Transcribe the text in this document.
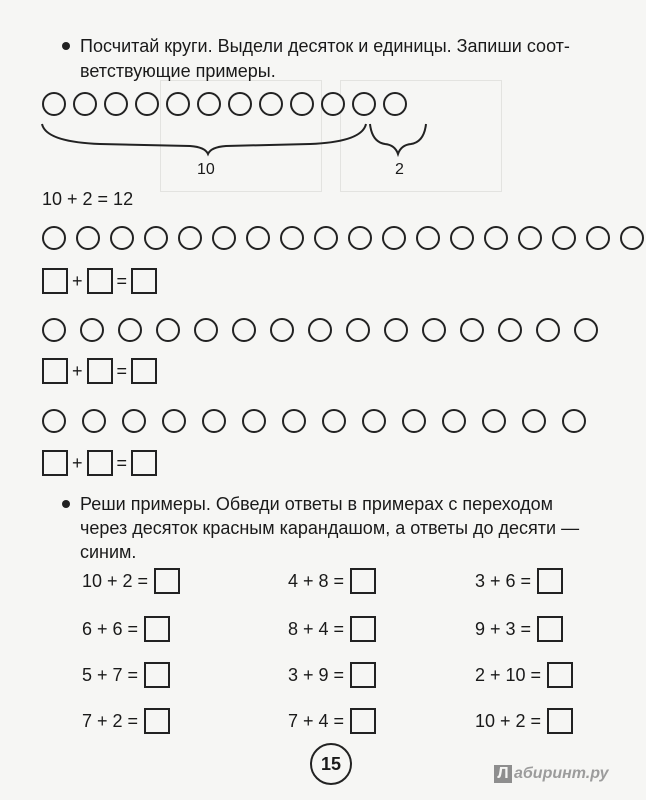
Посчитай круги. Выдели десяток и единицы. Запиши соот-
ветствующие примеры.
10	2
10 + 2 = 12
+ =
+ =
+ =
Реши примеры. Обведи ответы в примерах с переходом
через десяток красным карандашом, а ответы до десяти —
синим.
10 + 2 =
6 + 6 =
5 + 7 =
7 + 2 =
4 + 8 =
8 + 4 =
3 + 9 =
7 + 4 =
3 + 6 =
9 + 3 =
2 + 10 =
10 + 2 =
15	Л абиринт.ру
